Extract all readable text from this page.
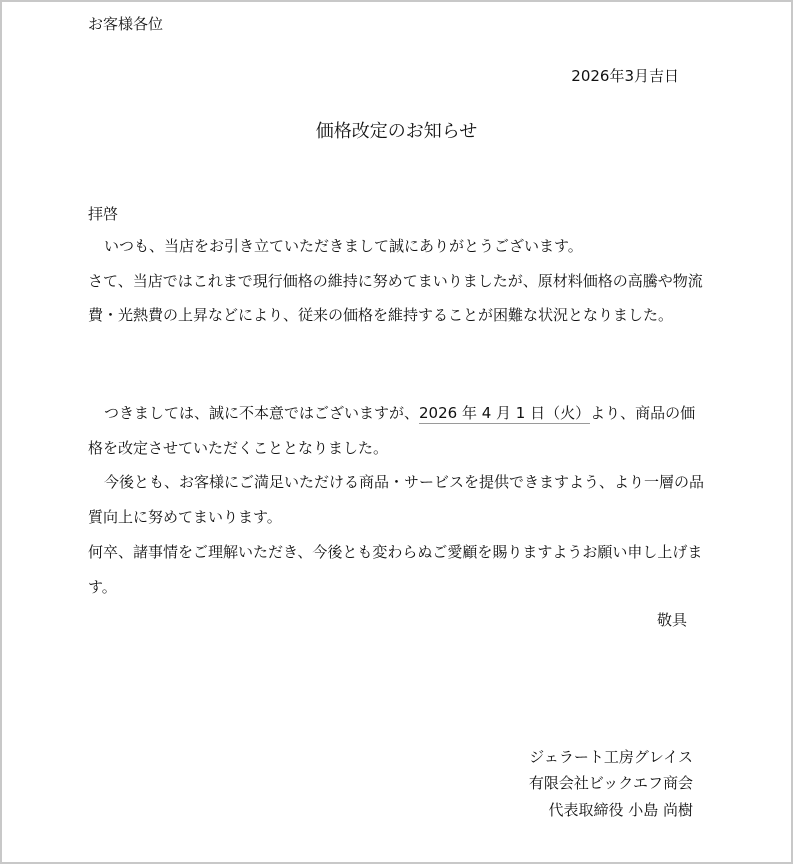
お客様各位
2026年3月吉日
価格改定のお知らせ
拝啓
いつも、当店をお引き立ていただきまして誠にありがとうございます。
さて、当店ではこれまで現行価格の維持に努めてまいりましたが、原材料価格の高騰や物流費・光熱費の上昇などにより、従来の価格を維持することが困難な状況となりました。
つきましては、誠に不本意ではございますが、2026 年 4 月 1 日（火）より、商品の価格を改定させていただくこととなりました。
今後とも、お客様にご満足いただける商品・サービスを提供できますよう、より一層の品質向上に努めてまいります。
何卒、諸事情をご理解いただき、今後とも変わらぬご愛顧を賜りますようお願い申し上げます。
敬具
ジェラート工房グレイス
有限会社ビックエフ商会
代表取締役 小島 尚樹
